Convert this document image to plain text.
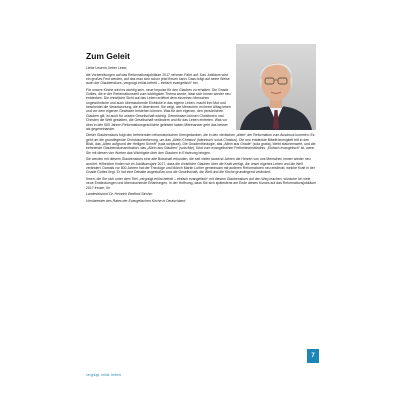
Zum Geleit

Liebe Leserin, lieber Leser,

die Vorbereitungen auf das Reformationsjubiläum 2017 nehmen Fahrt auf. Das Jubiläum wird ein großes Fest werden, auf das man sich schon jetzt freuen kann. Dazu trägt auf seine Weise auch der Glaubenskurs „vergnügt.erlöst.befreit – einfach evangelisch“ bei.

Für unsere Kirche wird es wichtig sein, neue Impulse für den Glauben zu erhalten. Die Gnade Gottes, die in der Reformationszeit zum wichtigsten Thema wurde, lässt sich immer wieder neu entdecken. Die christliche Sicht auf das Leben eröffnet dem einzelnen Menschen ungewöhnliche und auch überraschende Einblicke in das eigene Leben, macht ihm Mut und bescheidet die Verantwortung, die er übernimmt. Sie zeigt, wie Menschen im ihrem Alltag leben und vor dem eigenen Gewissen bestehen können. Was für den eigenen, den persönlichen Glauben gilt, ist auch für unsere Gesellschaft wichtig. Gemeinsam können Christinnen und Christen die Welt gestalten, die Gesellschaft verändern und für das Leben eintreten. Was vor über in den 500 Jahren Reformationsgeschichte geleistet haben Miteinander geht das besser als gegeneinander.

Dieser Glaubenskurs folgt den befreienden reformatorischen Kerngedanken, die in den vierfachen „allein“ der Reformation zum Ausdruck kommen: Es geht um die grundlegende Christusorientierung, um das „Allein Christus“ (lateinisch: solus Christus). Die neu entdeckte Bibelfrömmigkeit tritt in den Blick, das „Allein aufgrund der Heiligen Schrift“ (sola scriptura). Die Gnadentheologie, das „Allein aus Gnade“ (sola gratia), bleibt staunenswert, und die befreiende Glaubenskonzentration, das „Allein aus Glauben“ (sola fide), führt zum evangelischen Freiheitsverständnis. „Einfach evangelisch“ ist, wenn Sie mit diesen vier Worten das Wichtigste über den Glauben in Erfahrung bringen.

Sie werden mit diesem Glaubenskurs eine alte Botschaft erkunden, die seit vielen tausend Jahren die Herzen von uns Menschen immer wieder neu anrührt. Hilfreicher finden wir im Jubiläumsjahr 2017, dass die christliche Glauben über die Kraft verfügt, die unser eigenes Leben und die Welt verändert. Damals vor 500 Jahren hat der Theologe und Mönch Martin Luther gemeinsam mit anderen Reformatoren neu entdeckt, welche Kraft in der Gnade Gottes liegt. Er hat eine Debatte angestoßen und die Gesellschaft, die Welt und die Kirche grundlegend verändert.

Ihnen, die Sie sich unter dem Titel „vergnügt.erlöst.befreit – einfach evangelisch“ mit diesem Glaubenskurs auf den Weg machen, wünsche ich viele neue Entdeckungen und überraschende Erfahrungen. In der Hoffnung, dass Sie sich spätestens am Ende dieses Kurses auf das Reformationsjubiläum 2017 freuen, Ihr

Landesbischof Dr. Heinrich Bedford-Strohm

Vorsitzender des Rates der Evangelischen Kirche in Deutschland

vergnügt. erlöst. befreit.
7
